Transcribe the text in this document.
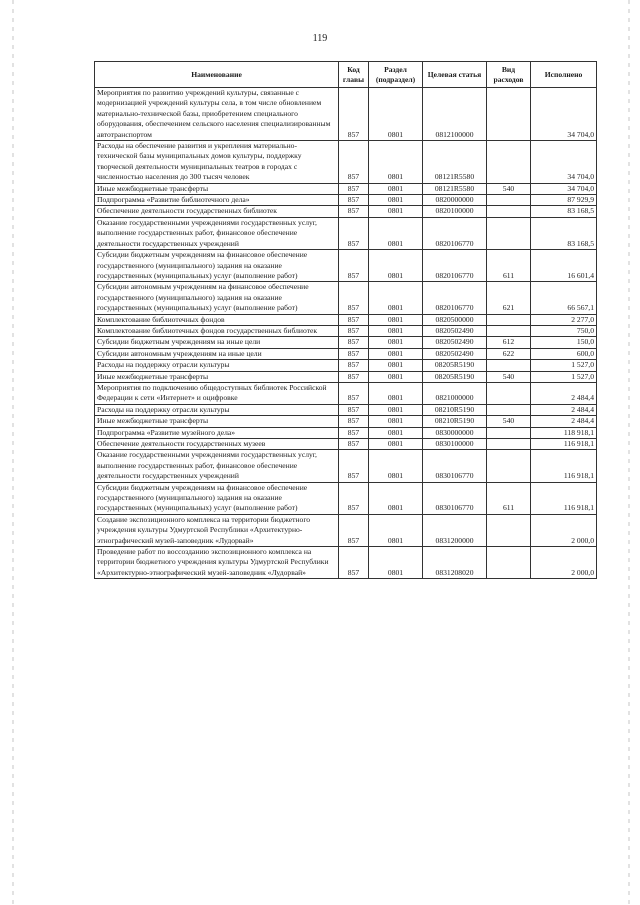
119
Наименование	Код главы	Раздел (подраздел)	Целевая статья	Вид расходов	Исполнено
Мероприятия по развитию учреждений культуры, связанные с модернизацией учреждений культуры села, в том числе обновлением материально-технической базы, приобретением специального оборудования, обеспечением сельского населения специализированным автотранспортом	857	0801	0812100000		34 704,0
Расходы на обеспечение развития и укрепления материально-технической базы муниципальных домов культуры, поддержку творческой деятельности муниципальных театров в городах с численностью населения до 300 тысяч человек	857	0801	08121R5580		34 704,0
Иные межбюджетные трансферты	857	0801	08121R5580	540	34 704,0
Подпрограмма «Развитие библиотечного дела»	857	0801	0820000000		87 929,9
Обеспечение деятельности государственных библиотек	857	0801	0820100000		83 168,5
Оказание государственными учреждениями государственных услуг, выполнение государственных работ, финансовое обеспечение деятельности государственных учреждений	857	0801	0820106770		83 168,5
Субсидии бюджетным учреждениям на финансовое обеспечение государственного (муниципального) задания на оказание государственных (муниципальных) услуг (выполнение работ)	857	0801	0820106770	611	16 601,4
Субсидии автономным учреждениям на финансовое обеспечение государственного (муниципального) задания на оказание государственных (муниципальных) услуг (выполнение работ)	857	0801	0820106770	621	66 567,1
Комплектование библиотечных фондов	857	0801	0820500000		2 277,0
Комплектование библиотечных фондов государственных библиотек	857	0801	0820502490		750,0
Субсидии бюджетным учреждениям на иные цели	857	0801	0820502490	612	150,0
Субсидии автономным учреждениям на иные цели	857	0801	0820502490	622	600,0
Расходы на поддержку отрасли культуры	857	0801	08205R5190		1 527,0
Иные межбюджетные трансферты	857	0801	08205R5190	540	1 527,0
Мероприятия по подключению общедоступных библиотек Российской Федерации к сети «Интернет» и оцифровке	857	0801	0821000000		2 484,4
Расходы на поддержку отрасли культуры	857	0801	08210R5190		2 484,4
Иные межбюджетные трансферты	857	0801	08210R5190	540	2 484,4
Подпрограмма «Развитие музейного дела»	857	0801	0830000000		118 918,1
Обеспечение деятельности государственных музеев	857	0801	0830100000		116 918,1
Оказание государственными учреждениями государственных услуг, выполнение государственных работ, финансовое обеспечение деятельности государственных учреждений	857	0801	0830106770		116 918,1
Субсидии бюджетным учреждениям на финансовое обеспечение государственного (муниципального) задания на оказание государственных (муниципальных) услуг (выполнение работ)	857	0801	0830106770	611	116 918,1
Создание экспозиционного комплекса на территории бюджетного учреждения культуры Удмуртской Республики «Архитектурно-этнографический музей-заповедник «Лудорвай»	857	0801	0831200000		2 000,0
Проведение работ по воссозданию экспозиционного комплекса на территории бюджетного учреждения культуры Удмуртской Республики «Архитектурно-этнографический музей-заповедник «Лудорвай»	857	0801	0831208020		2 000,0
